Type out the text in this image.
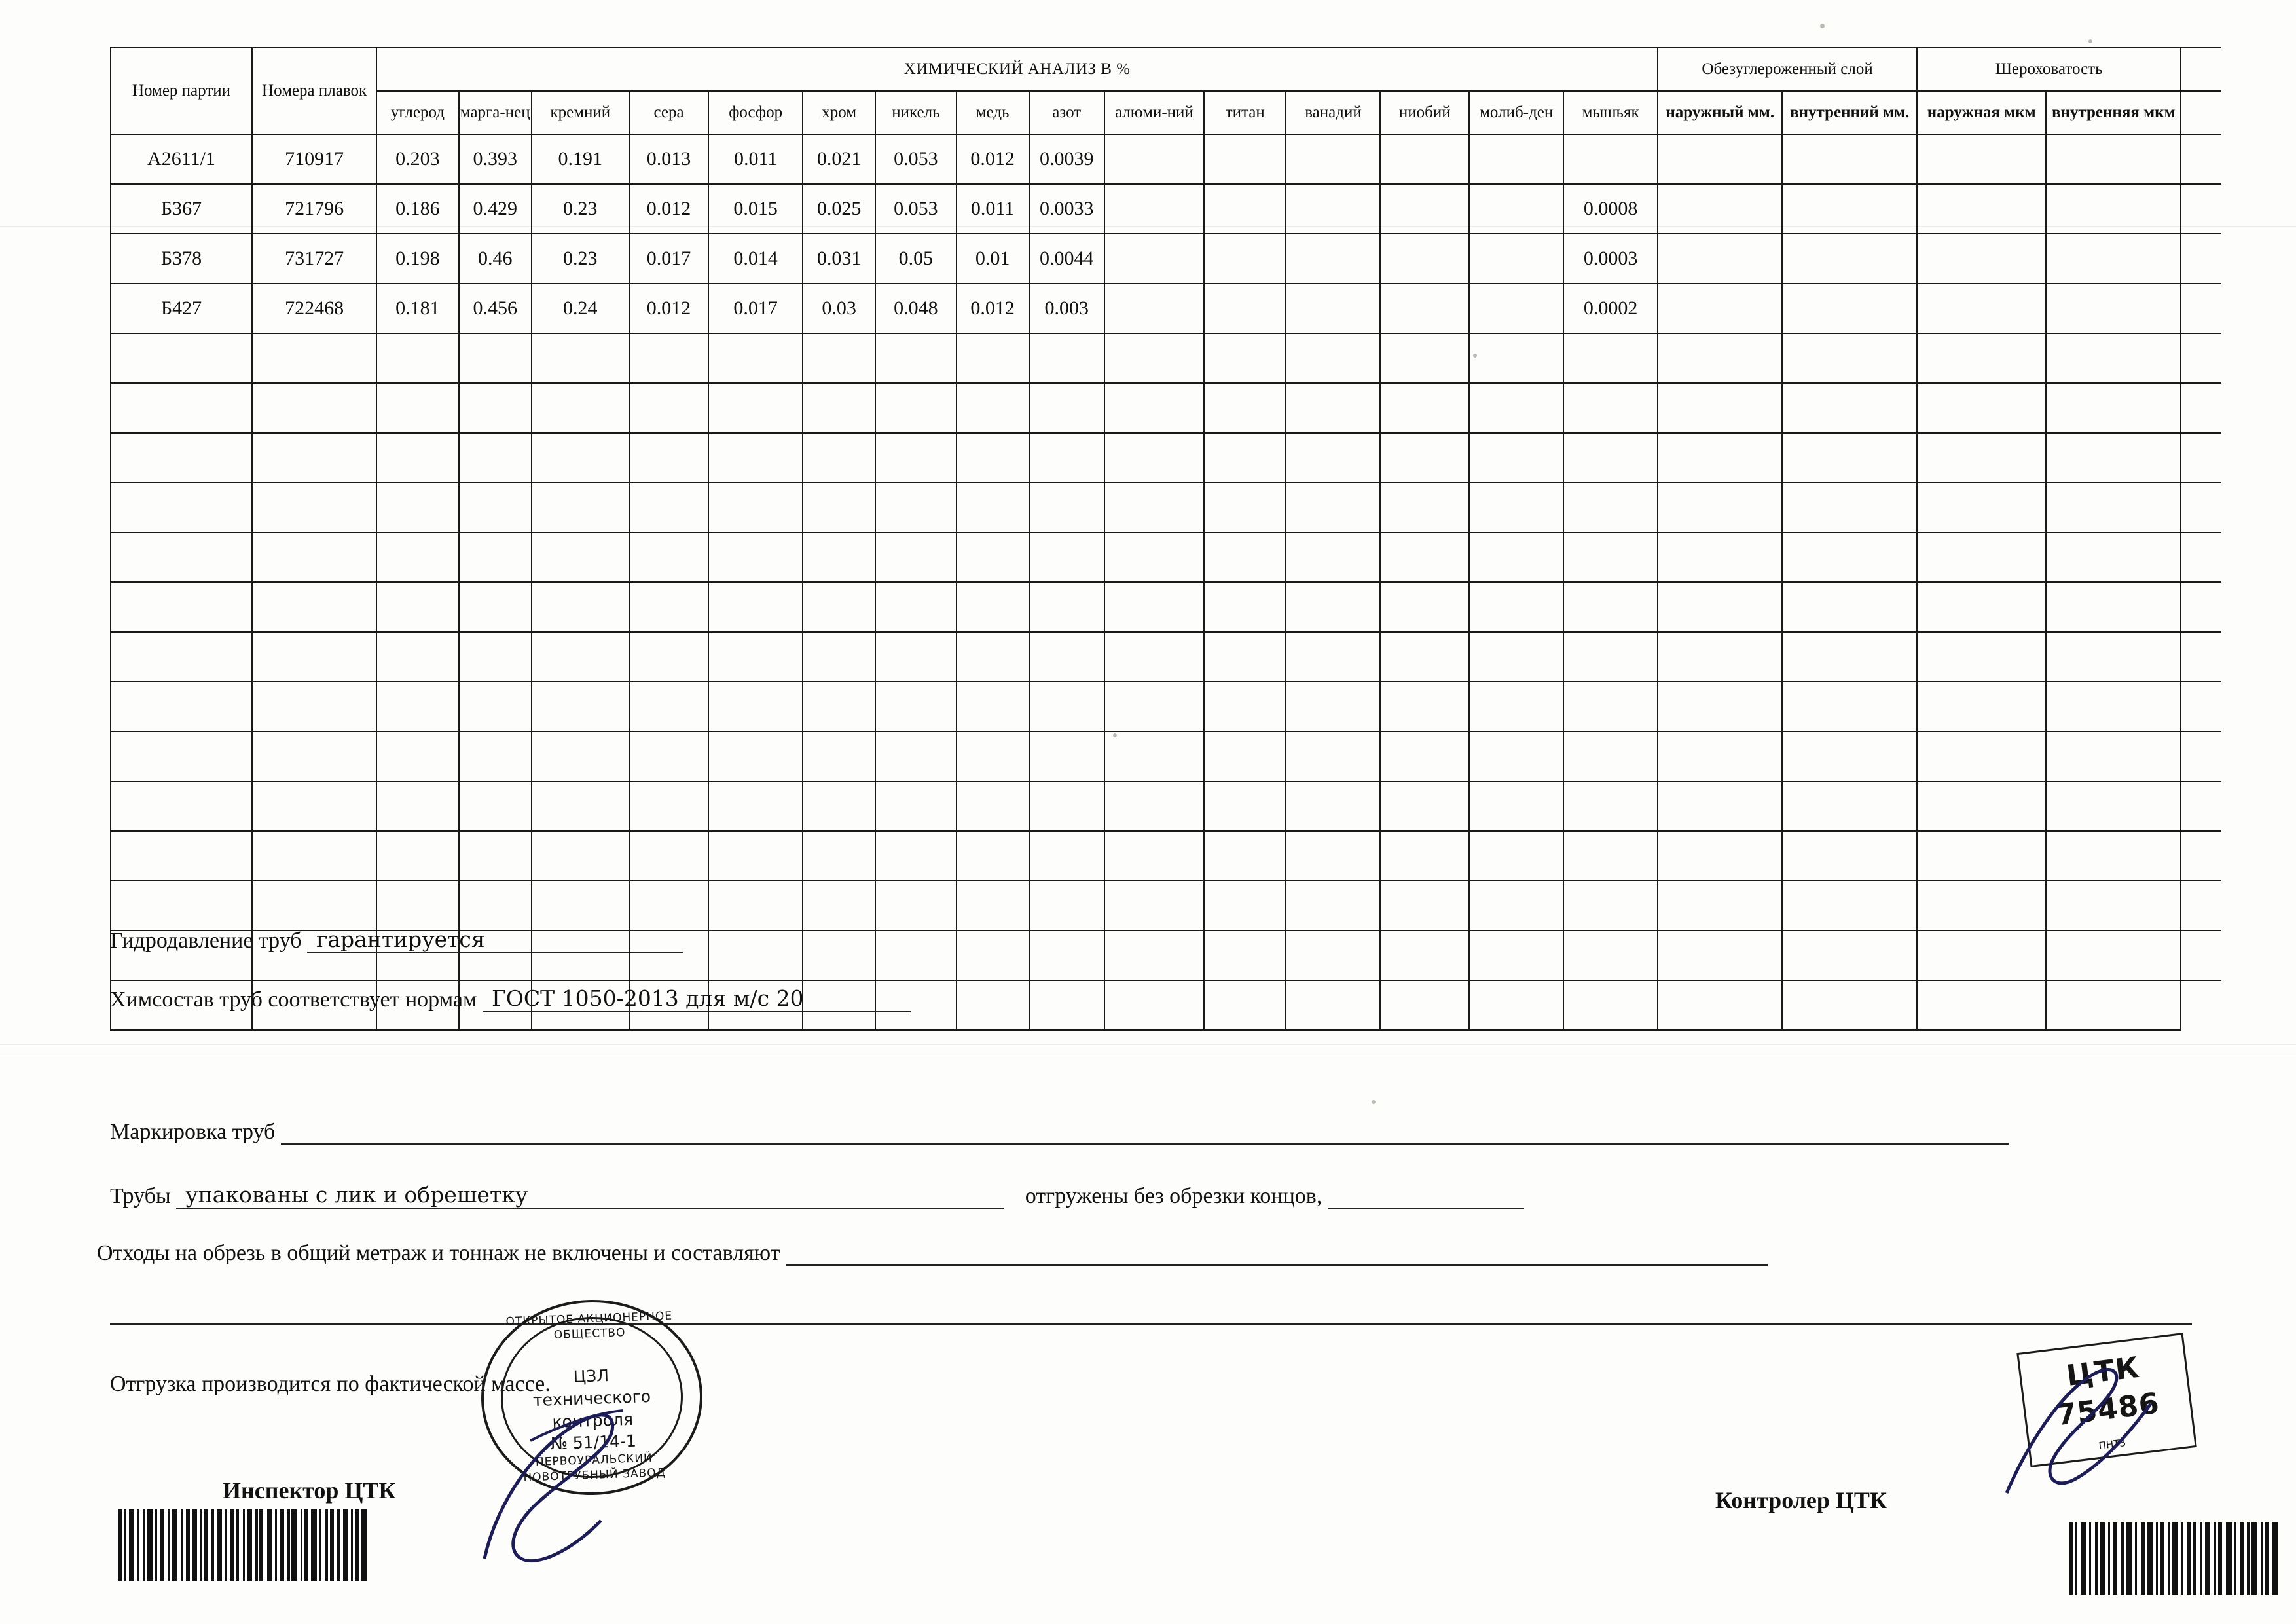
Номер партии	Номера плавок	ХИМИЧЕСКИЙ АНАЛИЗ В %															Обезуглероженный слой		Шероховатость		
		углерод	марга-нец	кремний	сера	фосфор	хром	никель	медь	азот	алюми-ний	титан	ванадий	ниобий	молиб-ден	мышьяк	наружный мм.	внутренний мм.	наружная мкм	внутренняя мкм	
А2611/1	710917	0.203	0.393	0.191	0.013	0.011	0.021	0.053	0.012	0.0039											
Б367	721796	0.186	0.429	0.23	0.012	0.015	0.025	0.053	0.011	0.0033						0.0008					
Б378	731727	0.198	0.46	0.23	0.017	0.014	0.031	0.05	0.01	0.0044						0.0003					
Б427	722468	0.181	0.456	0.24	0.012	0.017	0.03	0.048	0.012	0.003						0.0002					

Гидродавление труб гарантируется
Химсостав труб соответствует нормам ГОСТ 1050-2013 для м/с 20
Маркировка труб
Трубы упакованы с лик и обрешетку	отгружены без обрезки концов,
Отходы на обрезь в общий метраж и тоннаж не включены и составляют
Отгрузка производится по фактической массе.
ОТКРЫТОЕ АКЦИОНЕРНОЕ ОБЩЕСТВО
ПЕРВОУРАЛЬСКИЙ НОВОТРУБНЫЙ ЗАВОД
ЦЗЛ
технического
контроля
№ 51/14-1
ЦТК
75486
ПНТЗ
Инспектор ЦТК	Контролер ЦТК
